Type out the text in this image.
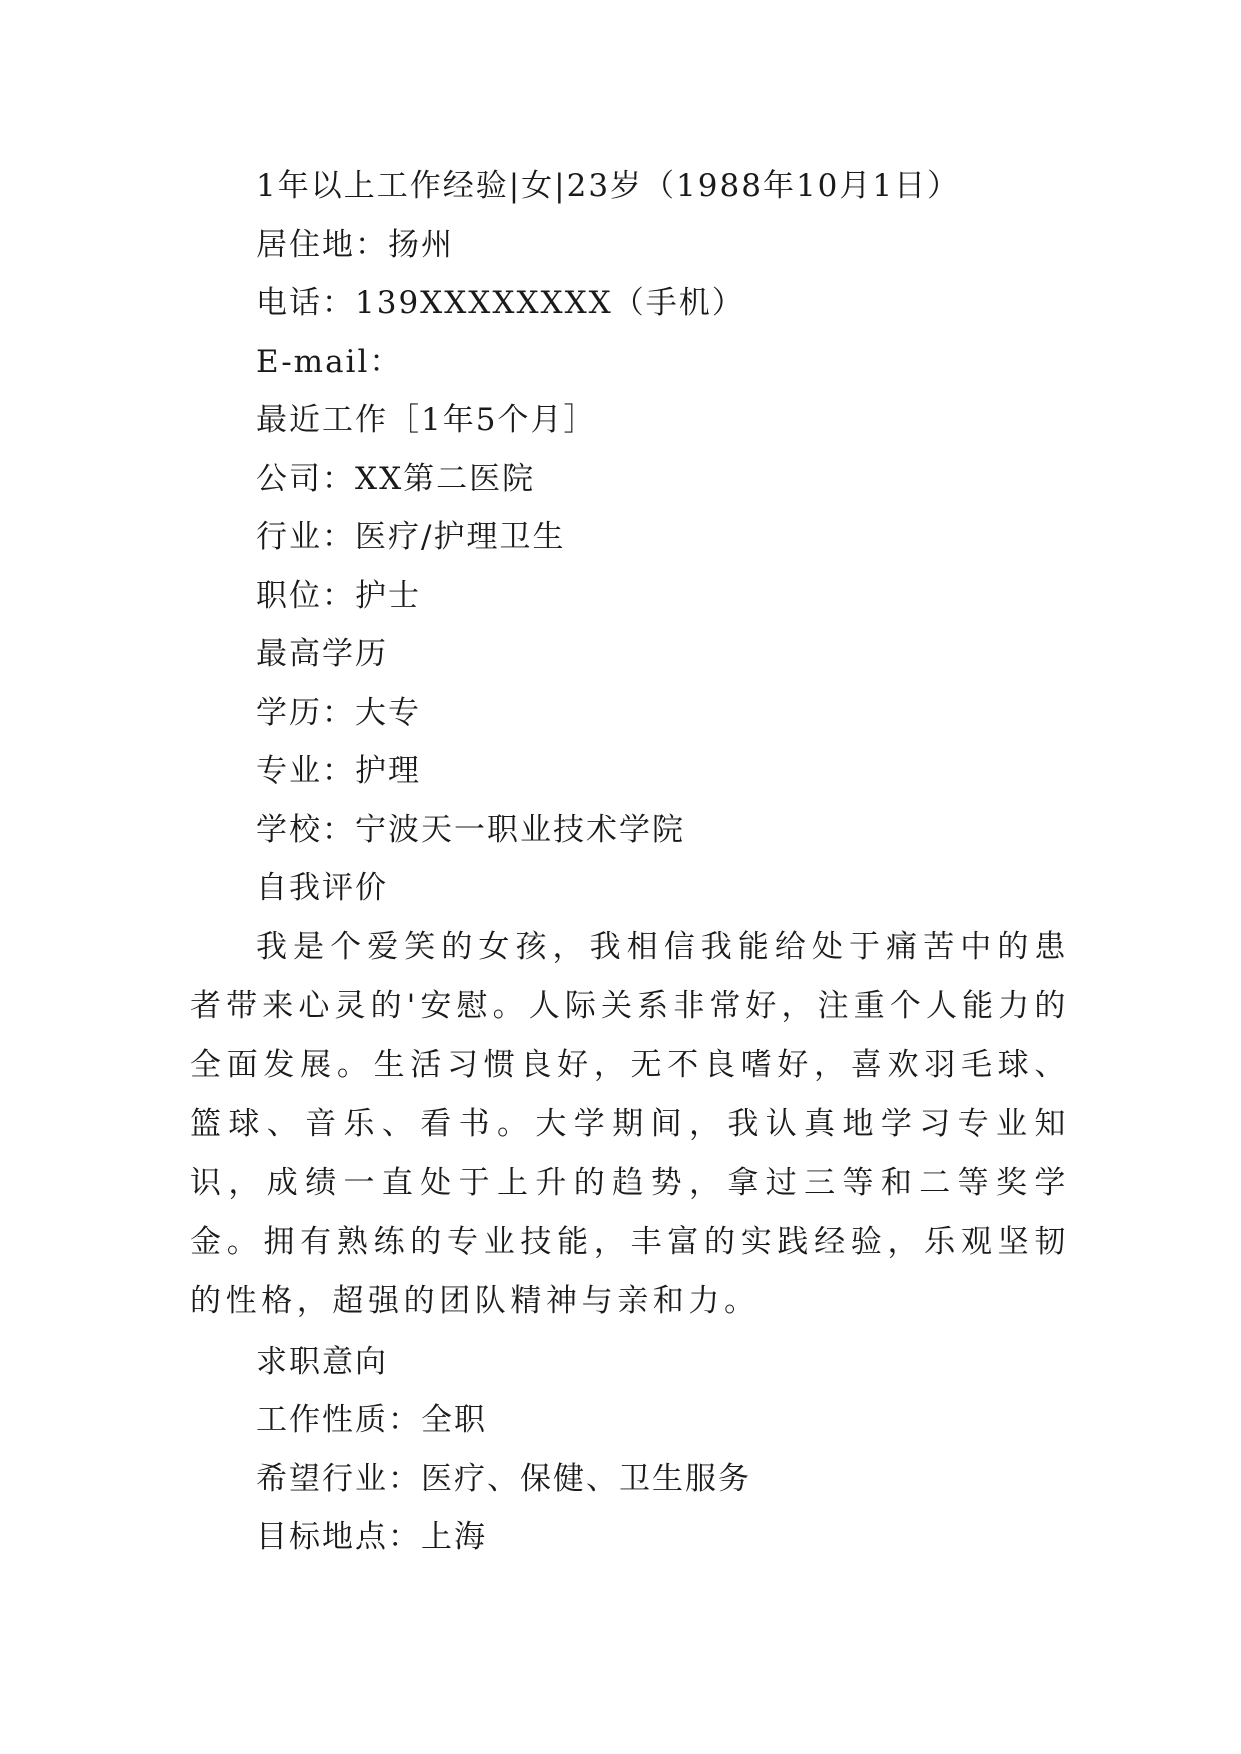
1年以上工作经验|女|23岁（1988年10月1日）
居住地：扬州
电话：139XXXXXXXX（手机）
E-mail：
最近工作［1年5个月］
公司：XX第二医院
行业：医疗/护理卫生
职位：护士
最高学历
学历：大专
专业：护理
学校：宁波天一职业技术学院
自我评价

我是个爱笑的女孩，我相信我能给处于痛苦中的患者带来心灵的'安慰。人际关系非常好，注重个人能力的全面发展。生活习惯良好，无不良嗜好，喜欢羽毛球、篮球、音乐、看书。大学期间，我认真地学习专业知识，成绩一直处于上升的趋势，拿过三等和二等奖学金。拥有熟练的专业技能，丰富的实践经验，乐观坚韧的性格，超强的团队精神与亲和力。

求职意向
工作性质：全职
希望行业：医疗、保健、卫生服务
目标地点：上海
